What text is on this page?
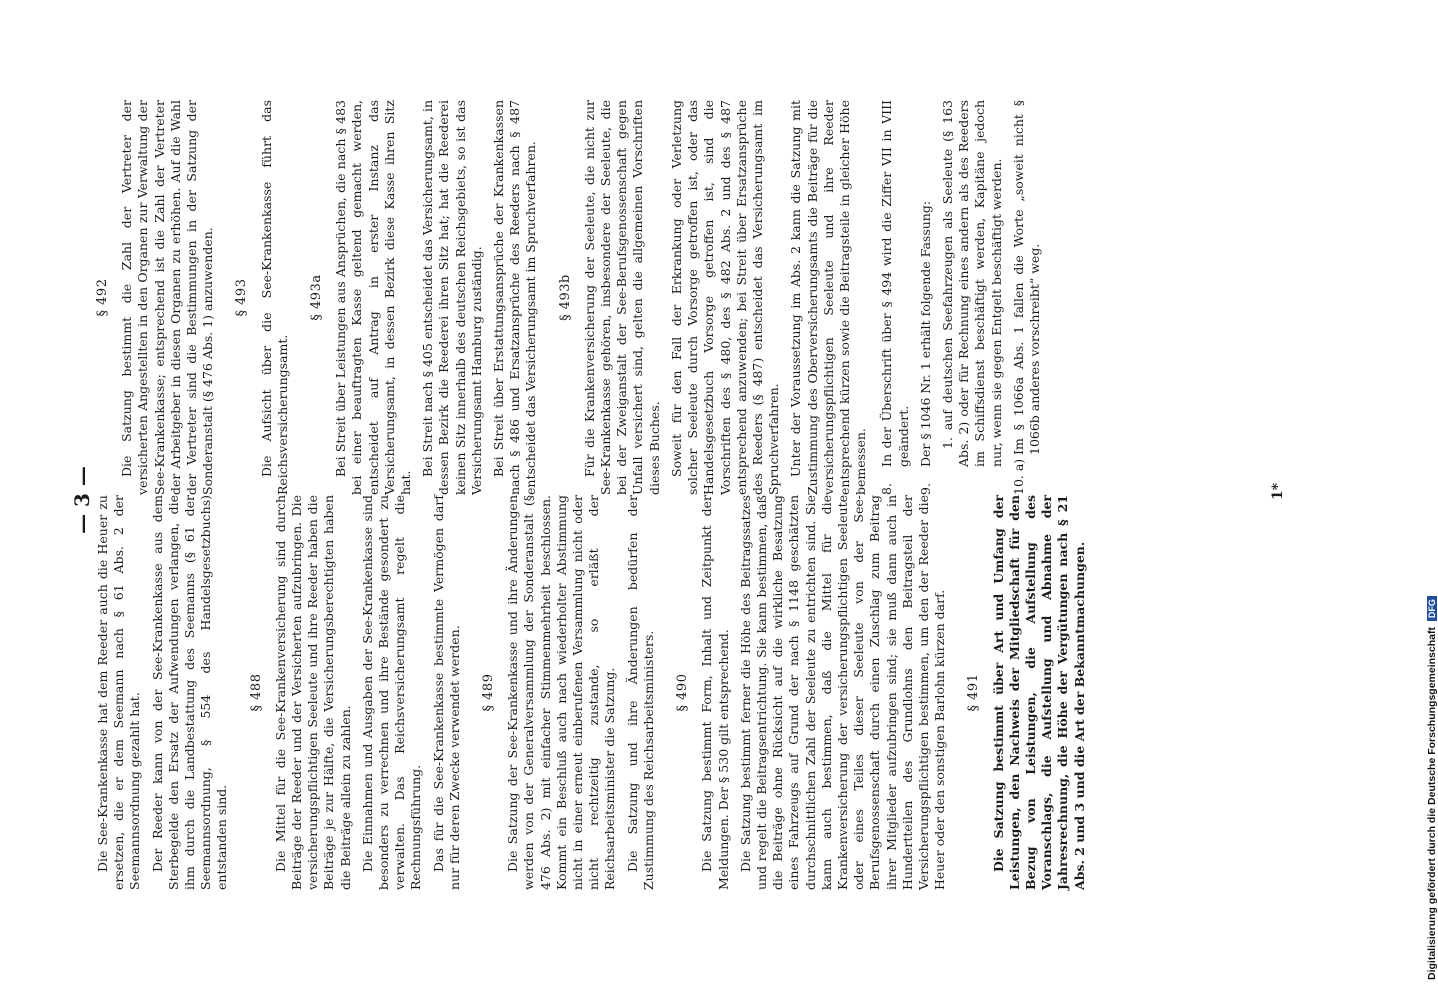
— 3 — Die See-Krankenkasse hat dem Reeder auch die Heuer zu ersetzen, die er dem Seemann nach § 61 Abs. 2 der Seemannsordnung gezahlt hat. Der Reeder kann von der See-Krankenkasse aus dem Sterbegelde den Ersatz der Aufwendungen verlangen, die ihm durch die Landbestattung des Seemanns (§ 61 der Seemannsordnung, § 554 des Handelsgesetzbuchs) entstanden sind.

§ 488 Die Mittel für die See-Krankenversicherung sind durch Beiträge der Reeder und der Versicherten aufzubringen. Die versicherungspflichtigen Seeleute und ihre Reeder haben die Beiträge je zur Hälfte, die Versicherungsberechtigten haben die Beiträge allein zu zahlen. Die Einnahmen und Ausgaben der See-Krankenkasse sind besonders zu verrechnen und ihre Bestände gesondert zu verwalten. Das Reichsversicherungsamt regelt die Rechnungsführung. Das für die See-Krankenkasse bestimmte Vermögen darf nur für deren Zwecke verwendet werden. § 489 Die Satzung der See-Krankenkasse und ihre Änderungen werden von der Generalversammlung der Sonderanstalt (§ 476 Abs. 2) mit einfacher Stimmenmehrheit beschlossen. Kommt ein Beschluß auch nach wiederholter Abstimmung nicht in einer erneut einberufenen Versammlung nicht oder nicht rechtzeitig zustande, so erläßt der Reichsarbeitsminister die Satzung. Die Satzung und ihre Änderungen bedürfen der Zustimmung des Reichsarbeitsministers. § 490 Die Satzung bestimmt Form, Inhalt und Zeitpunkt der Meldungen. Der § 530 gilt entsprechend. Die Satzung bestimmt ferner die Höhe des Beitragssatzes und regelt die Beitragsentrichtung. Sie kann bestimmen, daß die Beiträge ohne Rücksicht auf die wirkliche Besatzung eines Fahrzeugs auf Grund der nach § 1148 geschätzten durchschnittlichen Zahl der Seeleute zu entrichten sind. Sie kann auch bestimmen, daß die Mittel für die Krankenversicherung der versicherungspflichtigen Seeleute oder eines Teiles dieser Seeleute von der See-Berufsgenossenschaft durch einen Zuschlag zum Beitrag ihrer Mitglieder aufzubringen sind; sie muß dann auch in Hundertteilen des Grundlohns den Beitragsteil der Versicherungspflichtigen bestimmen, um den der Reeder die Heuer oder den sonstigen Barlohn kürzen darf. § 491 Die Satzung bestimmt über Art und Umfang der Leistungen, den Nachweis der Mitgliedschaft für den Bezug von Leistungen, die Aufstellung des Voranschlags, die Aufstellung und Abnahme der Jahresrechnung, die Höhe der Vergütungen nach § 21 Abs. 2 und 3 und die Art der Bekanntmachungen.

§ 492 Die Satzung bestimmt die Zahl der Vertreter der versicherten Angestellten in den Organen zur Verwaltung der See-Krankenkasse; entsprechend ist die Zahl der Vertreter der Arbeitgeber in diesen Organen zu erhöhen. Auf die Wahl der Vertreter sind die Bestimmungen in der Satzung der Sonderanstalt (§ 476 Abs. 1) anzuwenden. § 493 Die Aufsicht über die See-Krankenkasse führt das Reichsversicherungsamt.

§ 493a Bei Streit über Leistungen aus Ansprüchen, die nach § 483 bei einer beauftragten Kasse geltend gemacht werden, entscheidet auf Antrag in erster Instanz das Versicherungsamt, in dessen Bezirk diese Kasse ihren Sitz hat.

Bei Streit nach § 405 entscheidet das Versicherungsamt, in dessen Bezirk die Reederei ihren Sitz hat; hat die Reederei keinen Sitz innerhalb des deutschen Reichsgebiets, so ist das Versicherungsamt Hamburg zuständig. Bei Streit über Erstattungsansprüche der Krankenkassen nach § 486 und Ersatzansprüche des Reeders nach § 487 entscheidet das Versicherungsamt im Spruchverfahren. § 493b Für die Krankenversicherung der Seeleute, die nicht zur See-Krankenkasse gehören, insbesondere der Seeleute, die bei der Zweiganstalt der See-Berufsgenossenschaft gegen Unfall versichert sind, gelten die allgemeinen Vorschriften dieses Buches. Soweit für den Fall der Erkrankung oder Verletzung solcher Seeleute durch Vorsorge getroffen ist, oder das Handelsgesetzbuch Vorsorge getroffen ist, sind die Vorschriften des § 480, des § 482 Abs. 2 und des § 487 entsprechend anzuwenden; bei Streit über Ersatzansprüche des Reeders (§ 487) entscheidet das Versicherungsamt im Spruchverfahren. Unter der Voraussetzung im Abs. 2 kann die Satzung mit Zustimmung des Oberversicherungsamts die Beiträge für die versicherungspflichtigen Seeleute und ihre Reeder entsprechend kürzen sowie die Beitragsteile in gleicher Höhe bemessen. 8.
In der Überschrift über § 494 wird die Ziffer VII in VIII geändert.
9.
Der § 1046 Nr. 1 erhält folgende Fassung: 1. auf deutschen Seefahrzeugen als Seeleute (§ 163 Abs. 2) oder für Rechnung eines andern als des Reeders im Schiffsdienst beschäftigt werden, Kapitäne jedoch nur, wenn sie gegen Entgelt beschäftigt werden.

10. a)
Im § 1066a Abs. 1 fallen die Worte „soweit nicht § 1066b anderes vorschreibt“ weg.
1*
Digitalisierung gefördert durch die Deutsche Forschungsgemeinschaft DFG
